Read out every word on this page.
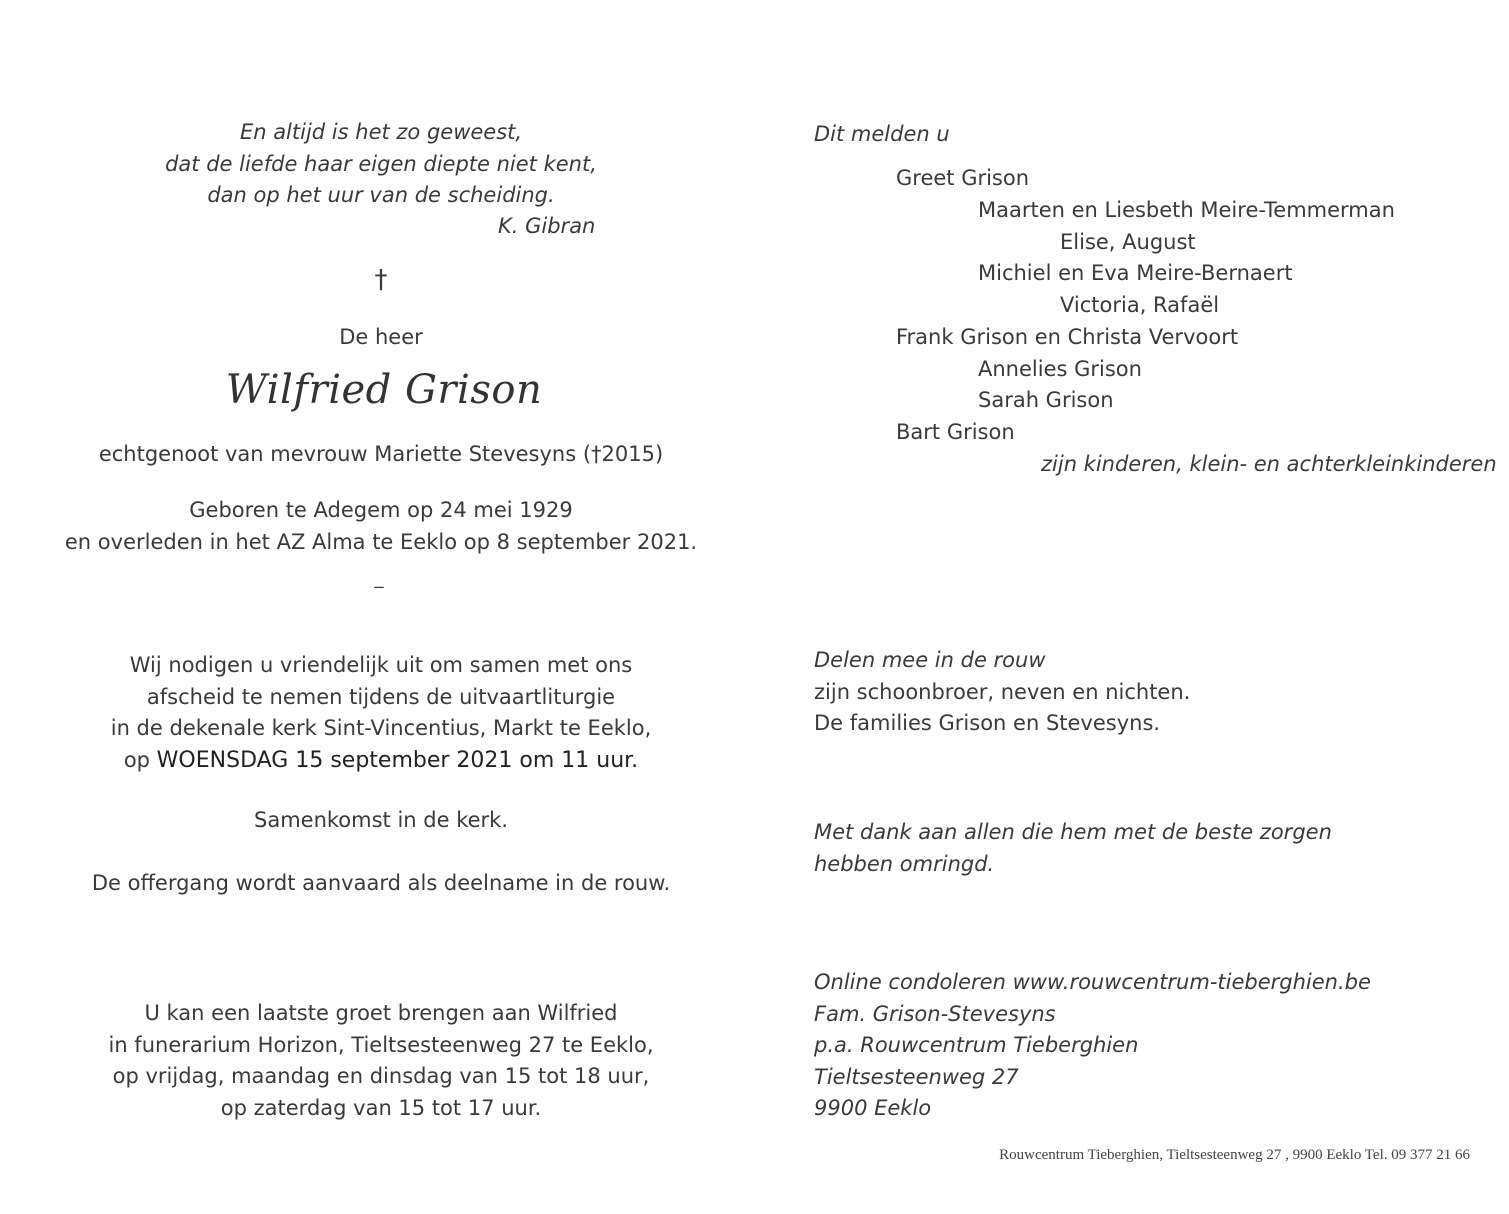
En altijd is het zo geweest,
dat de liefde haar eigen diepte niet kent,
dan op het uur van de scheiding.
K. Gibran
†
De heer
Wilfried Grison
echtgenoot van mevrouw Mariette Stevesyns (†2015)
Geboren te Adegem op 24 mei 1929
en overleden in het AZ Alma te Eeklo op 8 september 2021.
_
Wij nodigen u vriendelijk uit om samen met ons
afscheid te nemen tijdens de uitvaartliturgie
in de dekenale kerk Sint-Vincentius, Markt te Eeklo,
op WOENSDAG 15 september 2021 om 11 uur.
Samenkomst in de kerk.
De offergang wordt aanvaard als deelname in de rouw.
U kan een laatste groet brengen aan Wilfried
in funerarium Horizon, Tieltsesteenweg 27 te Eeklo,
op vrijdag, maandag en dinsdag van 15 tot 18 uur,
op zaterdag van 15 tot 17 uur.
Dit melden u
Greet Grison
Maarten en Liesbeth Meire-Temmerman
Elise, August
Michiel en Eva Meire-Bernaert
Victoria, Rafaël
Frank Grison en Christa Vervoort
Annelies Grison
Sarah Grison
Bart Grison
zijn kinderen, klein- en achterkleinkinderen
Delen mee in de rouw
zijn schoonbroer, neven en nichten.
De families Grison en Stevesyns.
Met dank aan allen die hem met de beste zorgen
hebben omringd.
Online condoleren www.rouwcentrum-tieberghien.be
Fam. Grison-Stevesyns
p.a. Rouwcentrum Tieberghien
Tieltsesteenweg 27
9900 Eeklo
Rouwcentrum Tieberghien, Tieltsesteenweg 27 , 9900 Eeklo Tel. 09 377 21 66
